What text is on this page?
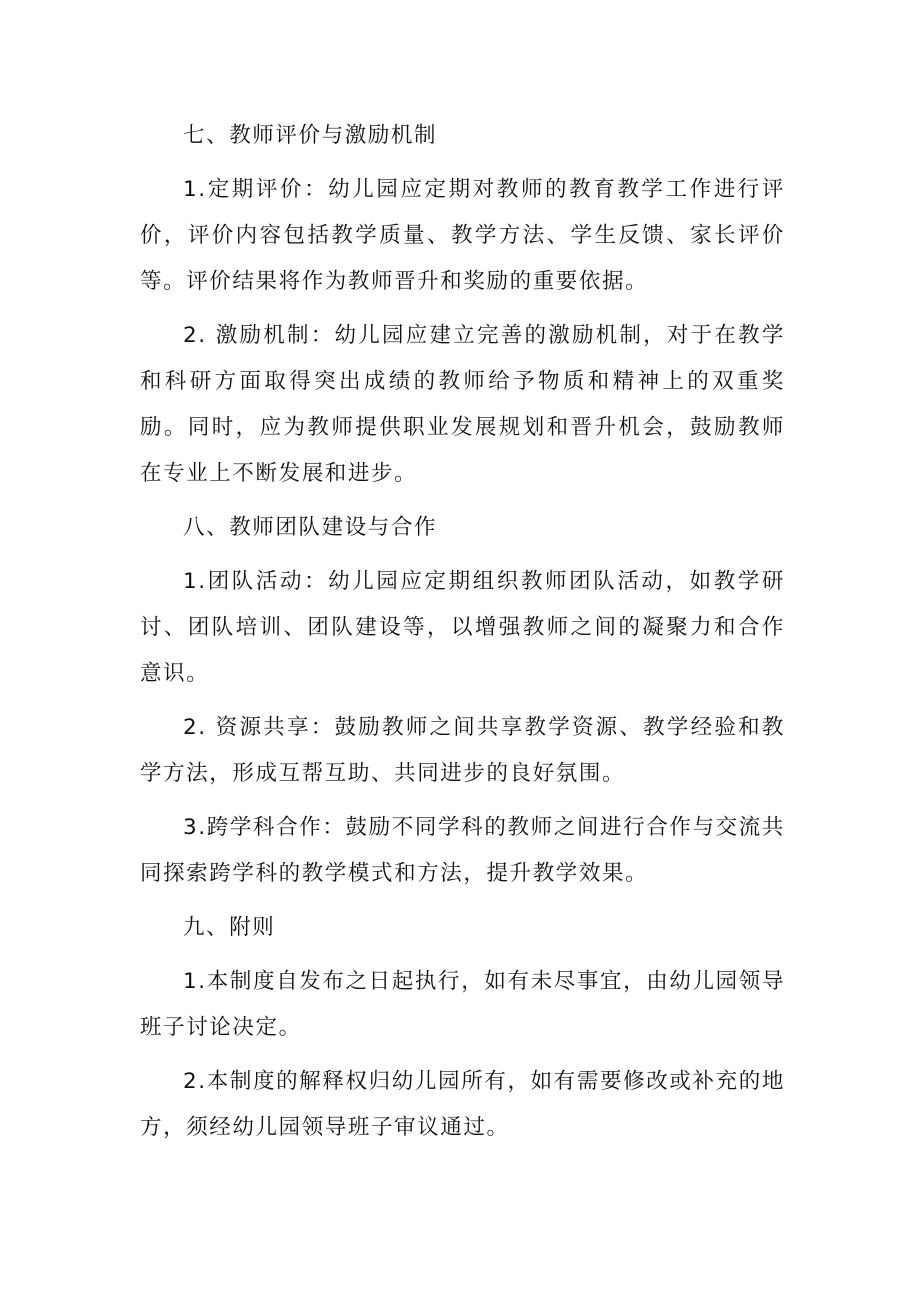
七、教师评价与激励机制

1.定期评价：幼儿园应定期对教师的教育教学工作进行评价，评价内容包括教学质量、教学方法、学生反馈、家长评价等。评价结果将作为教师晋升和奖励的重要依据。

2. 激励机制：幼儿园应建立完善的激励机制，对于在教学和科研方面取得突出成绩的教师给予物质和精神上的双重奖励。同时，应为教师提供职业发展规划和晋升机会，鼓励教师在专业上不断发展和进步。

八、教师团队建设与合作

1.团队活动：幼儿园应定期组织教师团队活动，如教学研讨、团队培训、团队建设等，以增强教师之间的凝聚力和合作意识。

2. 资源共享：鼓励教师之间共享教学资源、教学经验和教学方法，形成互帮互助、共同进步的良好氛围。

3.跨学科合作：鼓励不同学科的教师之间进行合作与交流共同探索跨学科的教学模式和方法，提升教学效果。

九、附则

1.本制度自发布之日起执行，如有未尽事宜，由幼儿园领导班子讨论决定。

2.本制度的解释权归幼儿园所有，如有需要修改或补充的地方，须经幼儿园领导班子审议通过。
